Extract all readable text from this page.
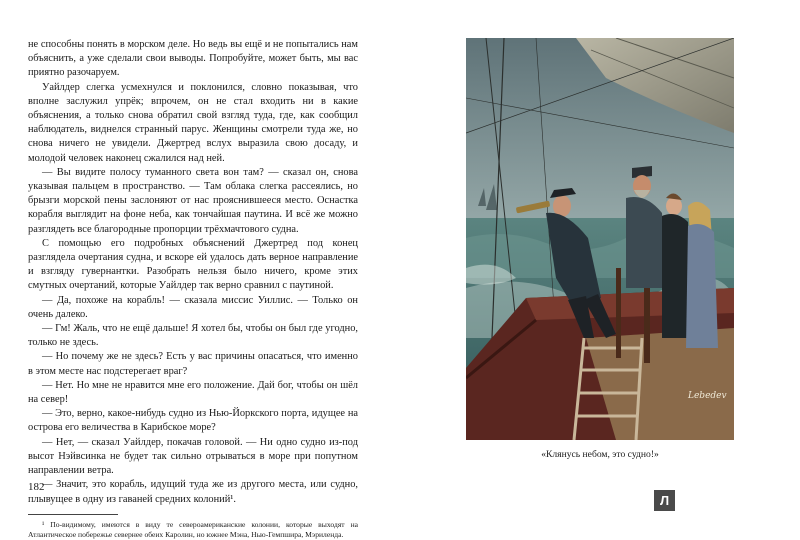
не способны понять в морском деле. Но ведь вы ещё и не попытались нам объяснить, а уже сделали свои выводы. Попробуйте, может быть, мы вас приятно разочаруем.

Уайлдер слегка усмехнулся и поклонился, словно показывая, что вполне заслужил упрёк; впрочем, он не стал входить ни в какие объяснения, а только снова обратил свой взгляд туда, где, как сообщил наблюдатель, виднелся странный парус. Женщины смотрели туда же, но снова ничего не увидели. Джертред вслух выразила свою досаду, и молодой человек наконец сжалился над ней.

— Вы видите полосу туманного света вон там? — сказал он, снова указывая пальцем в пространство. — Там облака слегка рассеялись, но брызги морской пены заслоняют от нас прояснившееся место. Оснастка корабля выглядит на фоне неба, как тончайшая паутина. И всё же можно разглядеть все благородные пропорции трёхмачтового судна.

С помощью его подробных объяснений Джертред под конец разглядела очертания судна, и вскоре ей удалось дать верное направление и взгляду гувернантки. Разобрать нельзя было ничего, кроме этих смутных очертаний, которые Уайлдер так верно сравнил с паутиной.

— Да, похоже на корабль! — сказала миссис Уиллис. — Только он очень далеко.

— Гм! Жаль, что не ещё дальше! Я хотел бы, чтобы он был где угодно, только не здесь.

— Но почему же не здесь? Есть у вас причины опасаться, что именно в этом месте нас подстерегает враг?

— Нет. Но мне не нравится мне его положение. Дай бог, чтобы он шёл на север!

— Это, верно, какое-нибудь судно из Нью-Йоркского порта, идущее на острова его величества в Карибское море?

— Нет, — сказал Уайлдер, покачав головой. — Ни одно судно из-под высот Нэйвсинка не будет так сильно отрываться в море при попутном направлении ветра.

— Значит, это корабль, идущий туда же из другого места, или судно, плывущее в одну из гаваней средних колоний¹.

¹ По-видимому, имеются в виду те североамериканские колонии, которые выходят на Атлантическое побережье севернее обеих Каролин, но южнее Мэна, Нью-Гемпшира, Мэриленда.

182
Lebedev
«Клянусь небом, это судно!»
Л
